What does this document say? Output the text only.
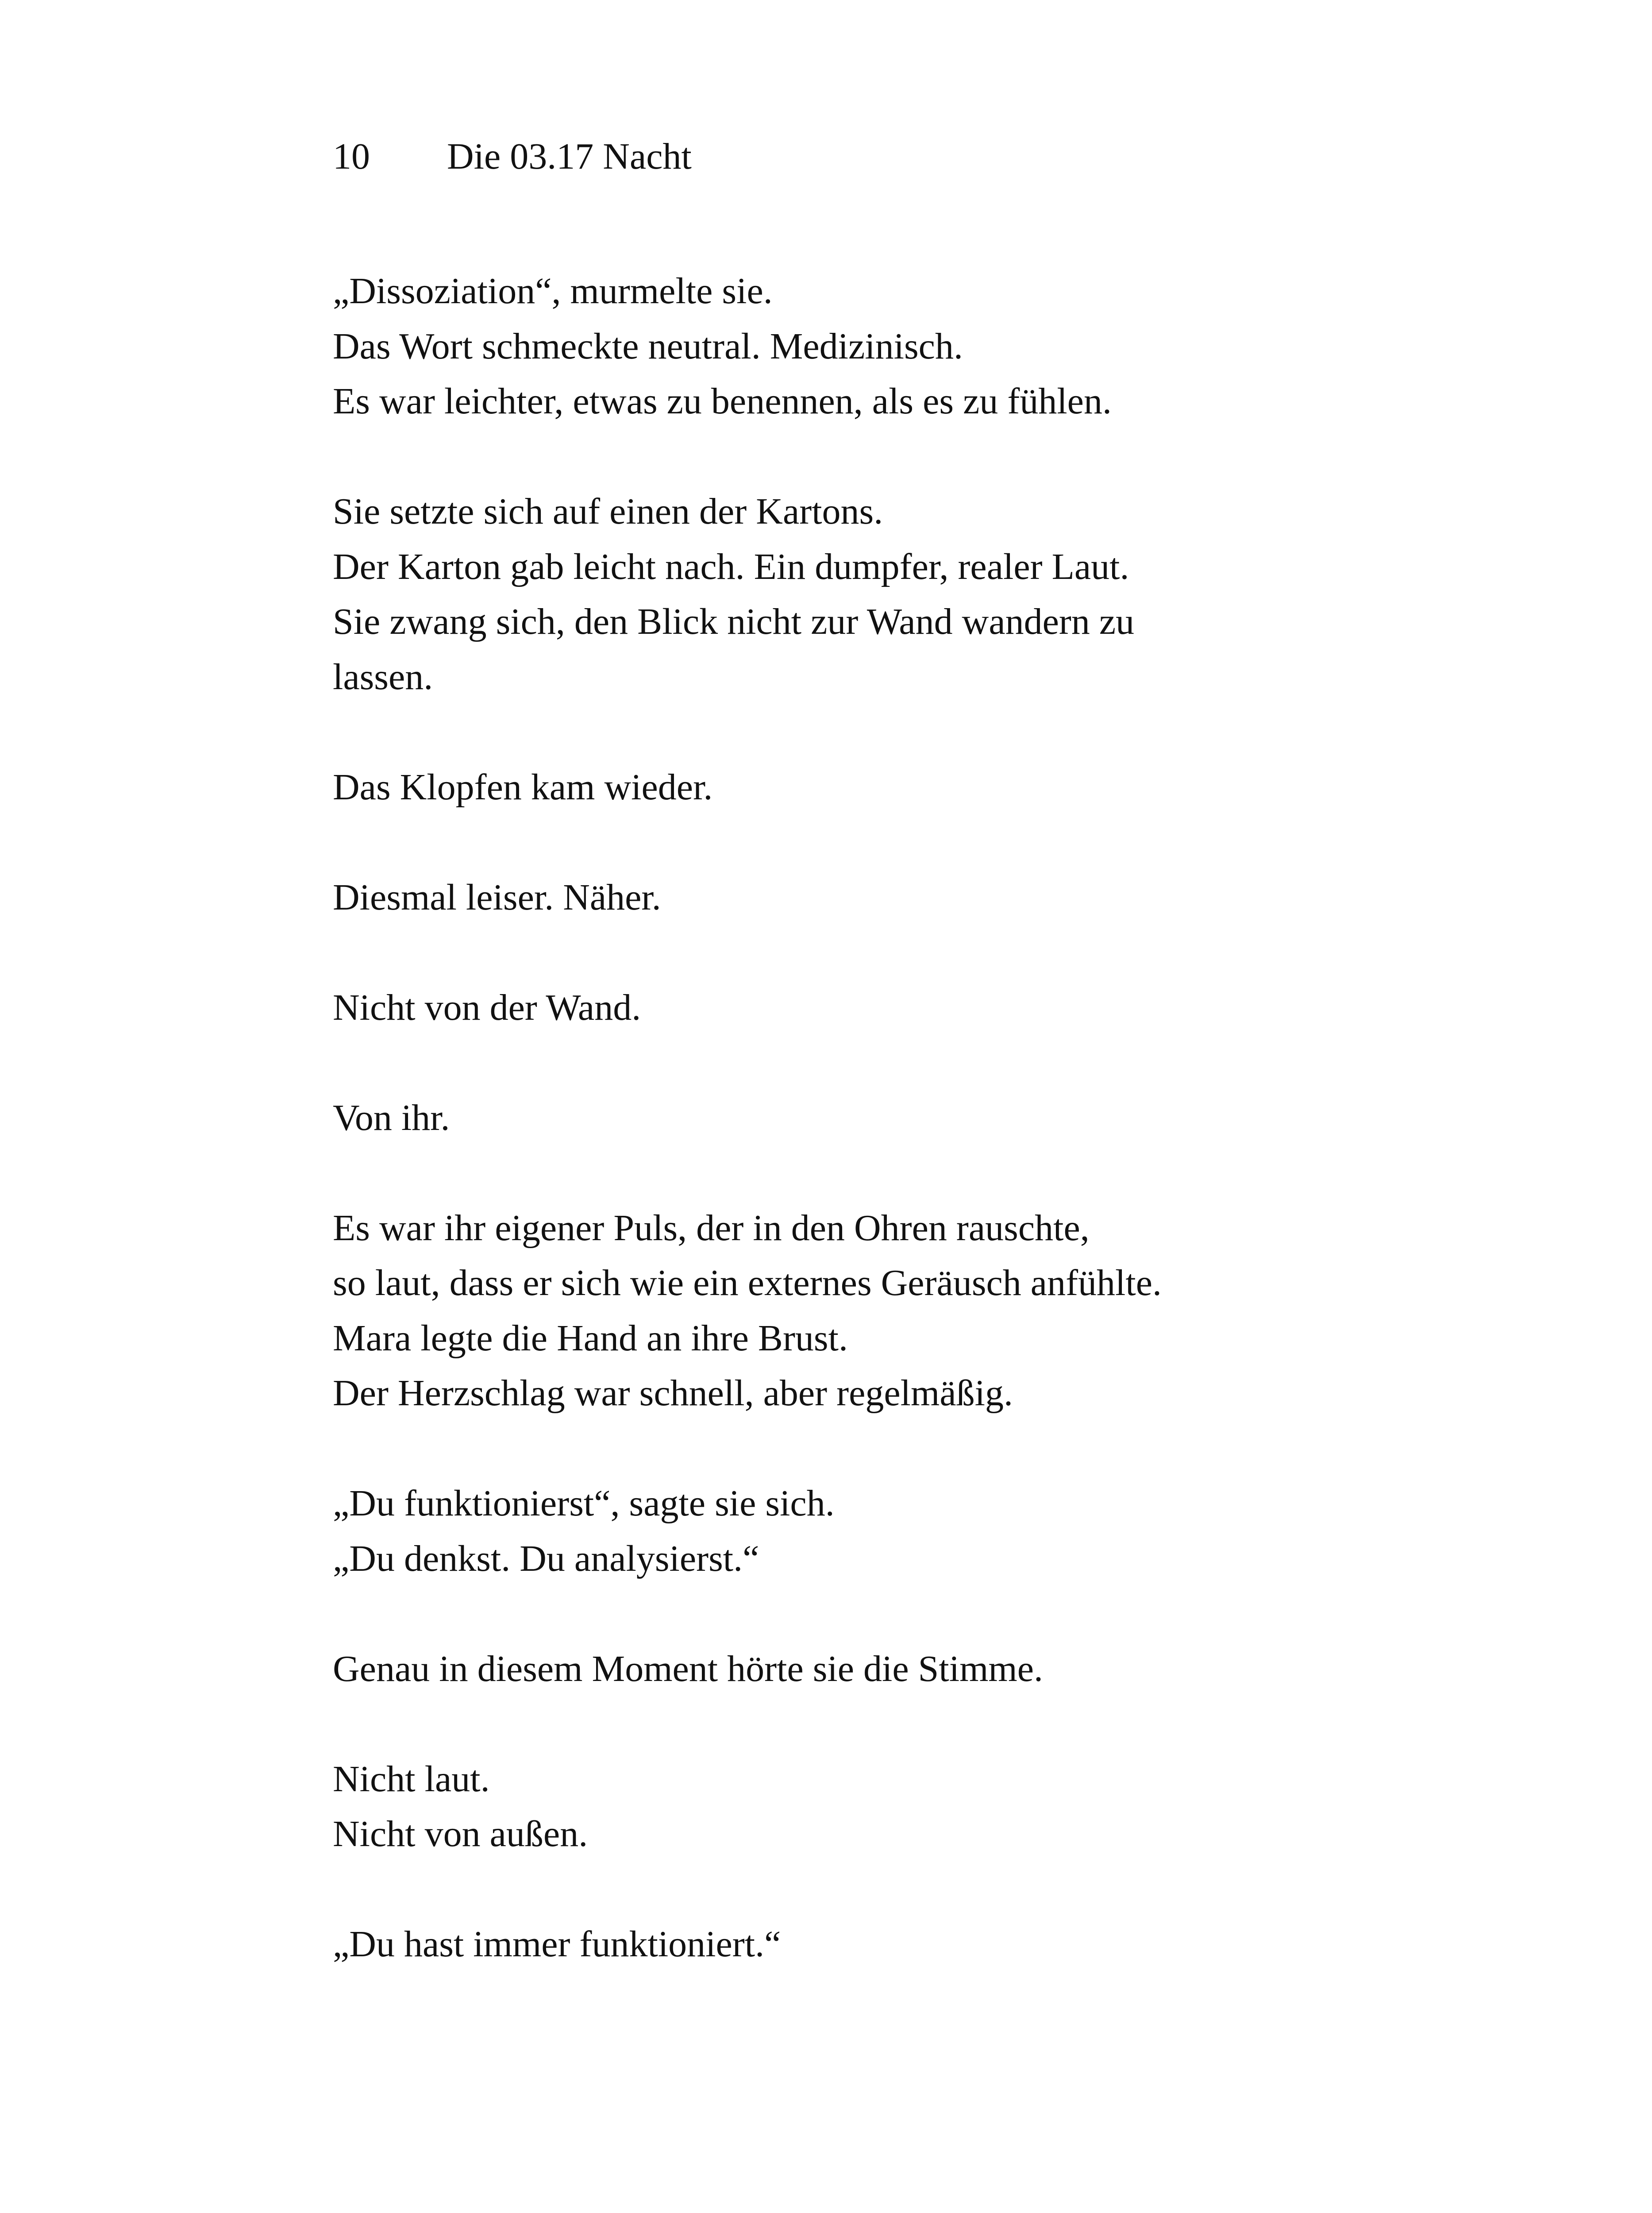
10 Die 03.17 Nacht

„Dissoziation“, murmelte sie.
Das Wort schmeckte neutral. Medizinisch.
Es war leichter, etwas zu benennen, als es zu fühlen.

Sie setzte sich auf einen der Kartons.
Der Karton gab leicht nach. Ein dumpfer, realer Laut.
Sie zwang sich, den Blick nicht zur Wand wandern zu
lassen.

Das Klopfen kam wieder.

Diesmal leiser. Näher.

Nicht von der Wand.

Von ihr.

Es war ihr eigener Puls, der in den Ohren rauschte,
so laut, dass er sich wie ein externes Geräusch anfühlte.
Mara legte die Hand an ihre Brust.
Der Herzschlag war schnell, aber regelmäßig.

„Du funktionierst“, sagte sie sich.
„Du denkst. Du analysierst.“

Genau in diesem Moment hörte sie die Stimme.

Nicht laut.
Nicht von außen.

„Du hast immer funktioniert.“
